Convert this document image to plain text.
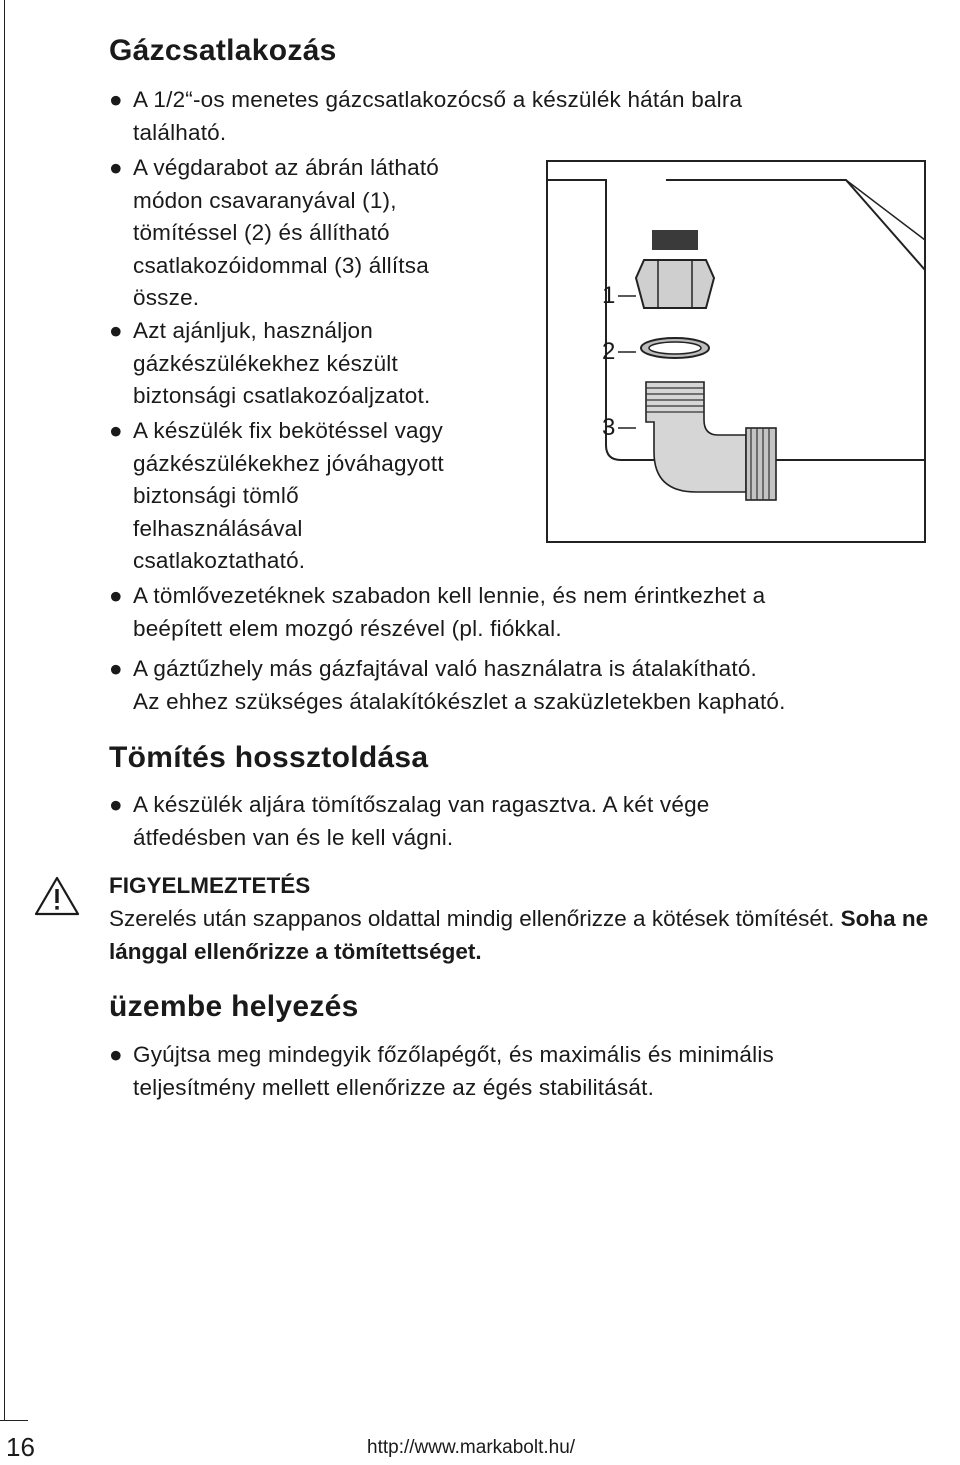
Gázcsatlakozás
● A 1/2“-os menetes gázcsatlakozócső a készülék hátán balra
található.
● A végdarabot az ábrán látható
módon csavaranyával (1),
tömítéssel (2) és állítható
csatlakozóidommal (3) állítsa
össze.
● Azt ajánljuk, használjon
gázkészülékekhez készült
biztonsági csatlakozóaljzatot.
● A készülék fix bekötéssel vagy
gázkészülékekhez jóváhagyott
biztonsági tömlő
felhasználásával
csatlakoztatható.
● A tömlővezetéknek szabadon kell lennie, és nem érintkezhet a
beépített elem mozgó részével (pl. fiókkal.
● A gáztűzhely más gázfajtával való használatra is átalakítható.
Az ehhez szükséges átalakítókészlet a szaküzletekben kapható.
1
2
3
Tömítés hossztoldása
● A készülék aljára tömítőszalag van ragasztva. A két vége
átfedésben van és le kell vágni.
FIGYELMEZTETÉS
Szerelés után szappanos oldattal mindig ellenőrizze a kötések tömítését. Soha ne lánggal ellenőrizze a tömítettséget.
üzembe helyezés
● Gyújtsa meg mindegyik főzőlapégőt, és maximális és minimális
teljesítmény mellett ellenőrizze az égés stabilitását.
16	http://www.markabolt.hu/
